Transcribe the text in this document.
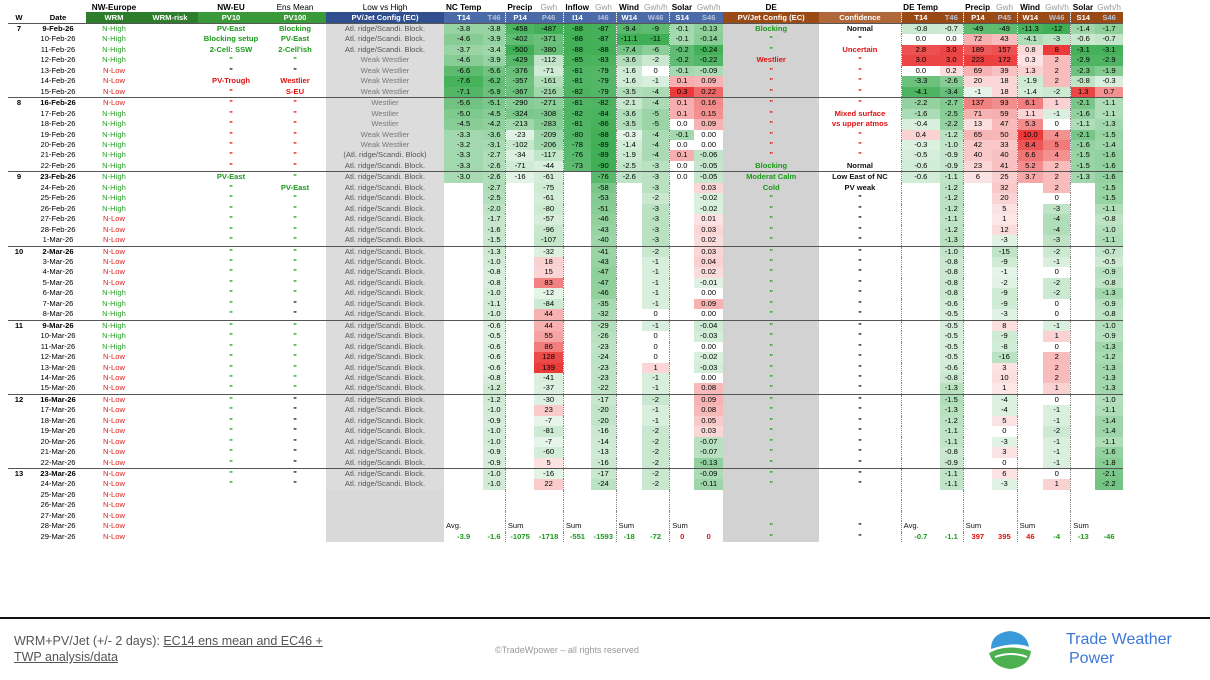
		NW-Europe		NW-EU	Ens Mean	Low vs High	NC Temp		Precip	Gwh	Inflow	Gwh	Wind	Gwh/h	Solar	Gwh/h	DE		DE Temp		Precip	Gwh	Wind	Gwh/h	Solar	Gwh/h
W	Date	WRM	WRM-risk	PV10	PV100	PV/Jet Config (EC)	T14	T46	P14	P46	I14	I46	W14	W46	S14	S46	PV/Jet Config (EC)	Confidence	T14	T46	P14	P45	W14	W46	S14	S46
7	9-Feb-26	N-High		PV-East	Blocking	Atl. ridge/Scandi. Block.	-3.8	-3.8	-458	-487	-88	-87	-9.4	-9	-0.1	-0.13	Blocking	Normal	-0.8	-0.7	-49	-49	-11.3	-12	-1.4	-1.7
	10-Feb-26	N-High		Blocking setup	PV-East	Atl. ridge/Scandi. Block.	-4.6	-3.9	-402	-371	-88	-87	-11.1	-11	-0.1	-0.14	"	"	0.0	0.0	72	43	-4.1	-3	-0.6	-0.7
	11-Feb-26	N-High		2-Cell: SSW	2-Cell'ish	Atl. ridge/Scandi. Block.	-3.7	-3.4	-500	-380	-88	-88	-7.4	-6	-0.2	-0.24	"	Uncertain	2.8	3.0	189	157	0.8	8	-3.1	-3.1
	12-Feb-26	N-High		"	"	Weak Westlier	-4.6	-3.9	-429	-112	-85	-83	-3.6	-2	-0.2	-0.22	Westlier	"	3.0	3.0	223	172	0.3	2	-2.9	-2.9
	13-Feb-26	N-Low		"	"	Weak Westlier	-6.6	-5.6	-376	-71	-81	-79	-1.6	0	-0.1	-0.09	"	"	0.0	0.2	69	39	1.3	2	-2.3	-1.9
	14-Feb-26	N-Low		PV-Trough	Westlier	Weak Westlier	-7.6	-6.2	-357	-161	-81	-79	-1.6	-1	0.1	0.09	"	"	-3.3	-2.6	20	18	-1.9	2	-0.8	-0.3
	15-Feb-26	N-Low		"	S-EU	Weak Westlier	-7.1	-5.9	-367	-216	-82	-79	-3.5	-4	0.3	0.22	"	"	-4.1	-3.4	-1	18	-1.4	-2	1.3	0.7
8	16-Feb-26	N-Low		"	"	Westlier	-5.6	-5.1	-290	-271	-81	-82	-2.1	-4	0.1	0.16	"	"	-2.2	-2.7	137	93	6.1	1	-2.1	-1.1
	17-Feb-26	N-High		"	"	Westlier	-5.0	-4.5	-324	-308	-82	-84	-3.6	-5	0.1	0.15	"	Mixed surface	-1.6	-2.5	71	59	1.1	-1	-1.6	-1.1
	18-Feb-26	N-High		"	"	Westlier	-4.5	-4.2	-213	-283	-81	-86	-3.5	-5	0.0	0.09	"	vs upper atmos	-0.4	-2.2	13	47	5.3	0	-1.1	-1.3
	19-Feb-26	N-High		"	"	Weak Westlier	-3.3	-3.6	-23	-209	-80	-88	-0.3	-4	-0.1	0.00	"	"	0.4	-1.2	65	50	10.0	4	-2.1	-1.5
	20-Feb-26	N-High		"	"	Weak Westlier	-3.2	-3.1	-102	-206	-78	-89	-1.4	-4	0.0	0.00	"	"	-0.3	-1.0	42	33	8.4	5	-1.6	-1.4
	21-Feb-26	N-High		"	"	(Atl. ridge/Scandi. Block)	-3.3	-2.7	-34	-117	-76	-89	-1.9	-4	0.1	-0.06	"	"	-0.5	-0.9	40	40	6.6	4	-1.5	-1.6
	22-Feb-26	N-High		"	"	Atl. ridge/Scandi. Block.	-3.3	-2.6	-71	-44	-73	-90	-2.5	-3	0.0	-0.05	Blocking	Normal	-0.6	-0.9	23	41	5.2	2	-1.5	-1.6
9	23-Feb-26	N-High		PV-East	"	Atl. ridge/Scandi. Block.	-3.0	-2.6	-16	-61		-76	-2.6	-3	0.0	-0.05	Moderat Calm	Low East of NC	-0.6	-1.1	6	25	3.7	2	-1.3	-1.6
	24-Feb-26	N-High		"	PV-East	Atl. ridge/Scandi. Block.		-2.7		-75		-58		-3		0.03	Cold	PV weak		-1.2		32		2		-1.5
	25-Feb-26	N-High		"	"	Atl. ridge/Scandi. Block.		-2.5		-61		-53		-2		-0.02	"	"		-1.2		20		0		-1.5
	26-Feb-26	N-High		"	"	Atl. ridge/Scandi. Block.		-2.0		-80		-51		-3		-0.02	"	"		-1.2		5		-3		-1.1
	27-Feb-26	N-Low		"	"	Atl. ridge/Scandi. Block.		-1.7		-57		-46		-3		0.01	"	"		-1.1		1		-4		-0.8
	28-Feb-26	N-Low		"	"	Atl. ridge/Scandi. Block.		-1.6		-96		-43		-3		0.03	"	"		-1.2		12		-4		-1.0
	1-Mar-26	N-Low		"	"	Atl. ridge/Scandi. Block.		-1.5		-107		-40		-3		0.02	"	"		-1.3		-3		-3		-1.1
10	2-Mar-26	N-Low		"	"	Atl. ridge/Scandi. Block.		-1.3		-32		-41		-2		0.03	"	"		-1.0		-15		-2		-0.7
	3-Mar-26	N-Low		"	"	Atl. ridge/Scandi. Block.		-1.0		18		-43		-1		0.04	"	"		-0.8		-9		-1		-0.5
	4-Mar-26	N-Low		"	"	Atl. ridge/Scandi. Block.		-0.8		15		-47		-1		0.02	"	"		-0.8		-1		0		-0.9
	5-Mar-26	N-Low		"	"	Atl. ridge/Scandi. Block.		-0.8		83		-47		-1		-0.01	"	"		-0.8		-2		-2		-0.8
	6-Mar-26	N-High		"	"	Atl. ridge/Scandi. Block.		-1.0		-12		-46		-1		0.00	"	"		-0.8		-9		-2		-1.3
	7-Mar-26	N-High		"	"	Atl. ridge/Scandi. Block.		-1.1		-84		-35		-1		0.09	"	"		-0.6		-9		0		-0.9
	8-Mar-26	N-High		"	"	Atl. ridge/Scandi. Block.		-1.0		44		-32		0		0.00	"	"		-0.5		-3		0		-0.8
11	9-Mar-26	N-High		"	"	Atl. ridge/Scandi. Block.		-0.6		44		-29		-1		-0.04	"	"		-0.5		8		-1		-1.0
	10-Mar-26	N-High		"	"	Atl. ridge/Scandi. Block.		-0.5		55		-26		0		-0.03	"	"		-0.5		-9		1		-0.9
	11-Mar-26	N-High		"	"	Atl. ridge/Scandi. Block.		-0.6		86		-23		0		0.00	"	"		-0.5		-8		0		-1.3
	12-Mar-26	N-Low		"	"	Atl. ridge/Scandi. Block.		-0.6		128		-24		0		-0.02	"	"		-0.5		-16		2		-1.2
	13-Mar-26	N-Low		"	"	Atl. ridge/Scandi. Block.		-0.6		139		-23		1		-0.03	"	"		-0.6		3		2		-1.3
	14-Mar-26	N-Low		"	"	Atl. ridge/Scandi. Block.		-0.8		-41		-23		-1		0.00	"	"		-0.8		10		2		-1.3
	15-Mar-26	N-Low		"	"	Atl. ridge/Scandi. Block.		-1.2		-37		-22		-1		0.08	"	"		-1.3		1		1		-1.3
12	16-Mar-26	N-Low		"	"	Atl. ridge/Scandi. Block.		-1.2		-30		-17		-2		0.09	"	"		-1.5		-4		0		-1.0
	17-Mar-26	N-Low		"	"	Atl. ridge/Scandi. Block.		-1.0		23		-20		-1		0.08	"	"		-1.3		-4		-1		-1.1
	18-Mar-26	N-Low		"	"	Atl. ridge/Scandi. Block.		-0.9		-7		-20		-1		0.05	"	"		-1.2		5		-1		-1.4
	19-Mar-26	N-Low		"	"	Atl. ridge/Scandi. Block.		-1.0		-81		-16		-2		0.03	"	"		-1.1		0		-2		-1.4
	20-Mar-26	N-Low		"	"	Atl. ridge/Scandi. Block.		-1.0		-7		-14		-2		-0.07	"	"		-1.1		-3		-1		-1.1
	21-Mar-26	N-Low		"	"	Atl. ridge/Scandi. Block.		-0.9		-60		-13		-2		-0.07	"	"		-0.8		3		-1		-1.6
	22-Mar-26	N-Low		"	"	Atl. ridge/Scandi. Block.		-0.9		5		-16		-2		-0.13	"	"		-0.9		0		-1		-1.8
13	23-Mar-26	N-Low		"	"	Atl. ridge/Scandi. Block.		-1.0		-16		-17		-2		-0.09	"	"		-1.1		6		0		-2.1
	24-Mar-26	N-Low		"	"	Atl. ridge/Scandi. Block.		-1.0		22		-24		-2		-0.11	"	"		-1.1		-3		1		-2.2
	25-Mar-26	N-Low																								
	26-Mar-26	N-Low																								
	27-Mar-26	N-Low																								
	28-Mar-26	N-Low					Avg.		Sum		Sum		Sum		Sum		"	"	Avg.		Sum		Sum		Sum	
	29-Mar-26	N-Low					-3.9	-1.6	-1075	-1718	-551	-1593	-18	-72	0	0	"	"	-0.7	-1.1	397	395	46	-4	-13	-46
WRM+PV/Jet (+/- 2 days): EC14 ens mean and EC46 +
TWP analysis/data	©TradeWpower – all rights reserved
Trade Weather
Power
